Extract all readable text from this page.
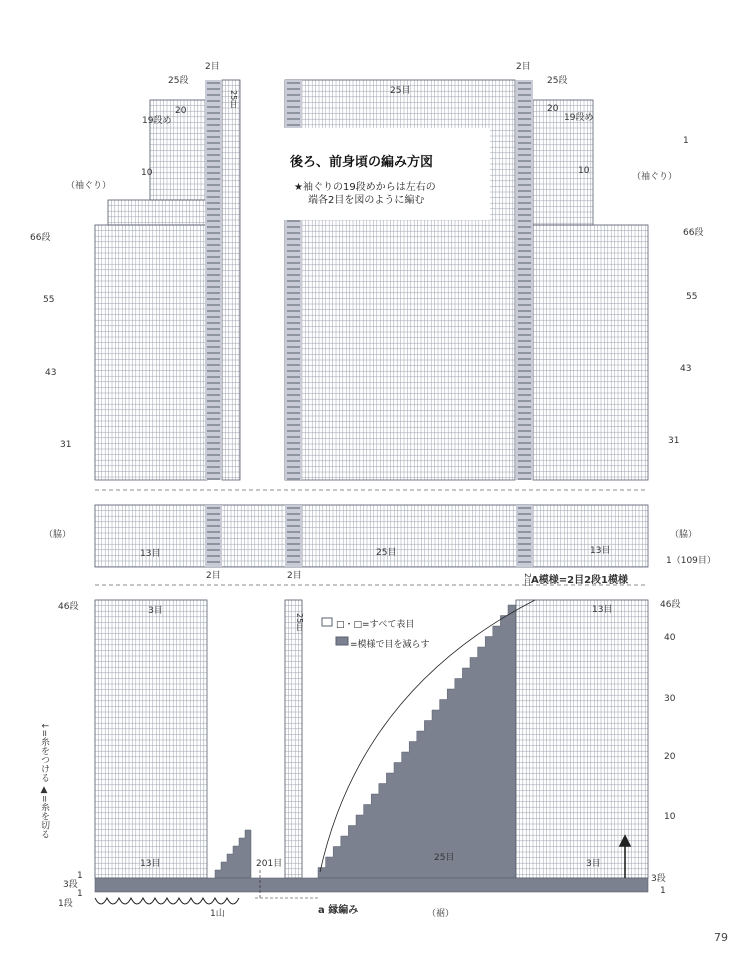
後ろ、前身頃の編み方図
★袖ぐりの19段めからは左右の
端各2目を図のように編む
（袖ぐり）
（袖ぐり）
（脇）	（脇）
（裾）
a 縁編み
1山
201目
A模様=2目2段1模様
1（109目）
↓=糸をつける ▲=糸を切る
2目	2目
2目	2目	2目
25目
25目
25目
25目
13目	13目
13目
13目
3目
3目
25目
25段
20
19段め
10
66段
55
43
31
25段
20
19段め
10
66段
55
43
31
46段
1
3段
1
1段
46段
40
30
20
10
3段
1
1
□・□=すべて表目
=模様で目を減らす
79
